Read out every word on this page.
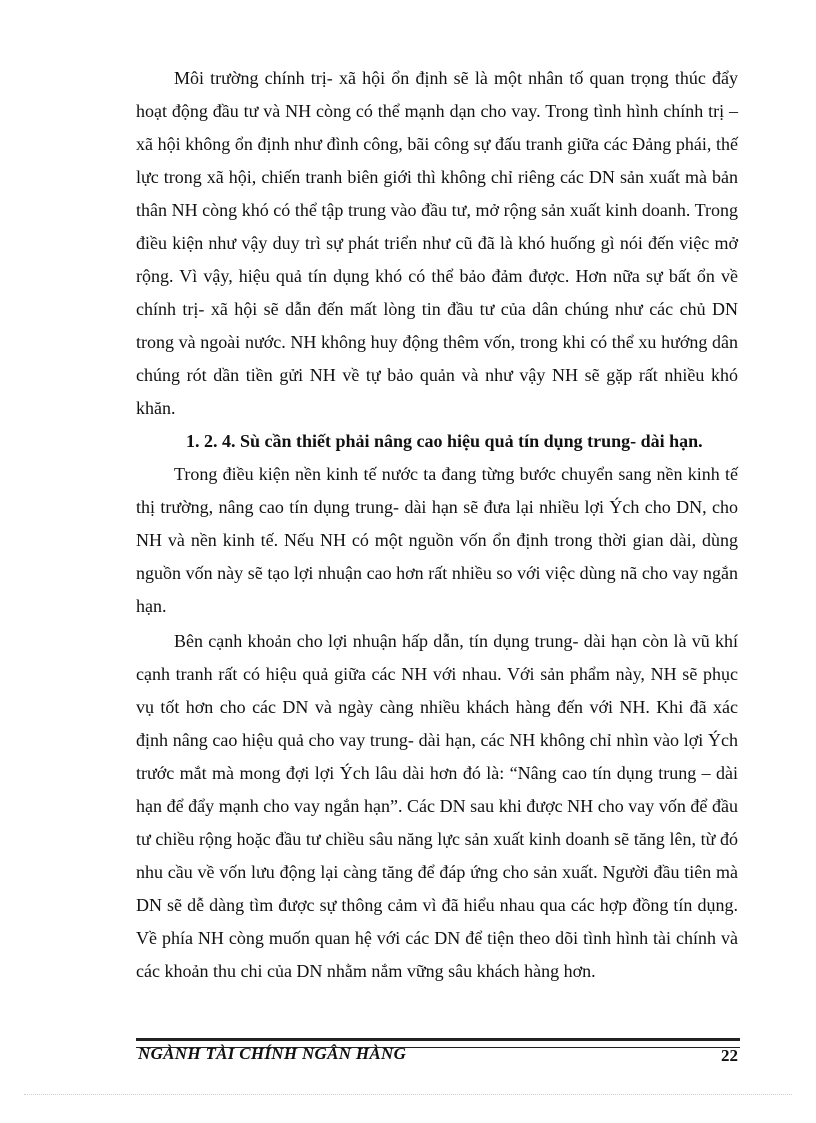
Môi trường chính trị- xã hội ổn định sẽ là một nhân tố quan trọng thúc đẩy hoạt động đầu tư và NH còng có thể mạnh dạn cho vay. Trong tình hình chính trị – xã hội không ổn định như đình công, bãi công sự đấu tranh giữa các Đảng phái, thế lực trong xã hội, chiến tranh biên giới thì không chỉ riêng các DN sản xuất mà bản thân NH còng khó có thể tập trung vào đầu tư, mở rộng sản xuất kinh doanh. Trong điều kiện như vậy duy trì sự phát triển như cũ đã là khó huống gì nói đến việc mở rộng. Vì vậy, hiệu quả tín dụng khó có thể bảo đảm được. Hơn nữa sự bất ổn về chính trị- xã hội sẽ dẫn đến mất lòng tin đầu tư của dân chúng như các chủ DN trong và ngoài nước. NH không huy động thêm vốn, trong khi có thể xu hướng dân chúng rót dần tiền gửi NH về tự bảo quản và như vậy NH sẽ gặp rất nhiều khó khăn.

1. 2. 4. Sù cần thiết phải nâng cao hiệu quả tín dụng trung- dài hạn.

Trong điều kiện nền kinh tế nước ta đang từng bước chuyển sang nền kinh tế thị trường, nâng cao tín dụng trung- dài hạn sẽ đưa lại nhiều lợi Ých cho DN, cho NH và nền kinh tế. Nếu NH có một nguồn vốn ổn định trong thời gian dài, dùng nguồn vốn này sẽ tạo lợi nhuận cao hơn rất nhiều so với việc dùng nã cho vay ngắn hạn.

Bên cạnh khoản cho lợi nhuận hấp dẫn, tín dụng trung- dài hạn còn là vũ khí cạnh tranh rất có hiệu quả giữa các NH với nhau. Với sản phẩm này, NH sẽ phục vụ tốt hơn cho các DN và ngày càng nhiều khách hàng đến với NH. Khi đã xác định nâng cao hiệu quả cho vay trung- dài hạn, các NH không chỉ nhìn vào lợi Ých trước mắt mà mong đợi lợi Ých lâu dài hơn đó là: “Nâng cao tín dụng trung – dài hạn để đẩy mạnh cho vay ngắn hạn”. Các DN sau khi được NH cho vay vốn để đầu tư chiều rộng hoặc đầu tư chiều sâu năng lực sản xuất kinh doanh sẽ tăng lên, từ đó nhu cầu về vốn lưu động lại càng tăng để đáp ứng cho sản xuất. Người đầu tiên mà DN sẽ dễ dàng tìm được sự thông cảm vì đã hiểu nhau qua các hợp đồng tín dụng. Về phía NH còng muốn quan hệ với các DN để tiện theo dõi tình hình tài chính và các khoản thu chi của DN nhằm nắm vững sâu khách hàng hơn.

NGÀNH TÀI CHÍNH NGÂN HÀNG	22
